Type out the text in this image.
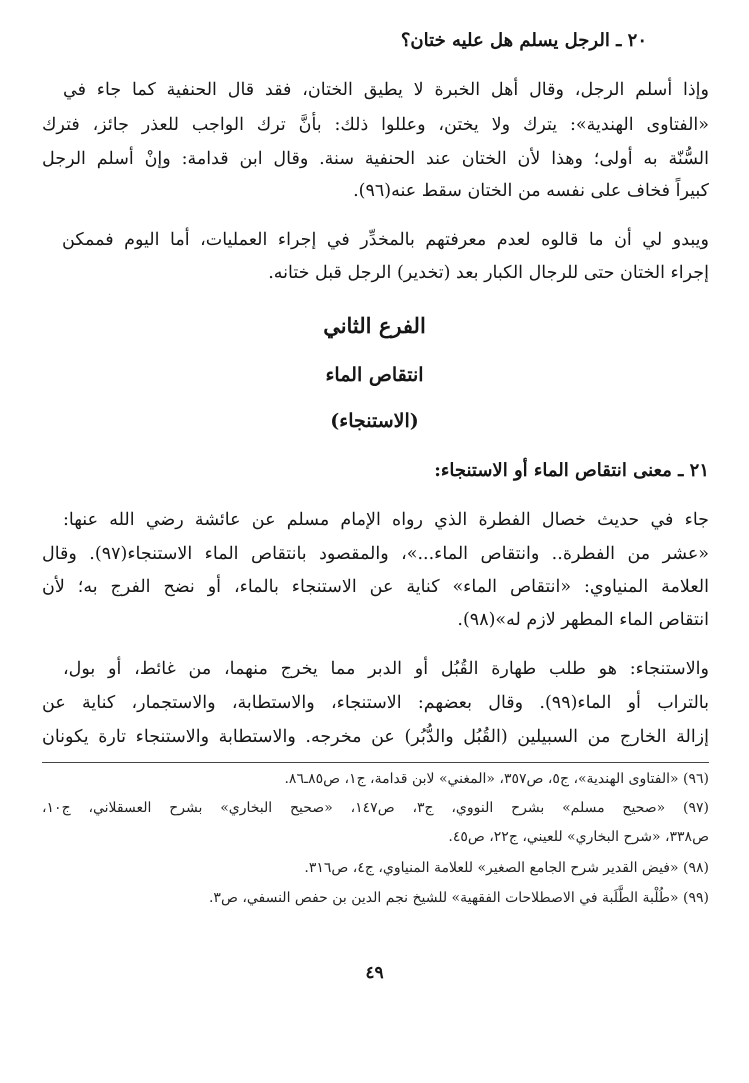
٢٠ ـ الرجل يسلم هل عليه ختان؟
وإذا أسلم الرجل، وقال أهل الخبرة لا يطيق الختان، فقد قال الحنفية كما جاء في
«الفتاوى الهندية»: يترك ولا يختن، وعللوا ذلك: بأنَّ ترك الواجب للعذر جائز، فترك
السُّنّة به أولى؛ وهذا لأن الختان عند الحنفية سنة. وقال ابن قدامة: وإنْ أسلم الرجل
كبيراً فخاف على نفسه من الختان سقط عنه(٩٦).
ويبدو لي أن ما قالوه لعدم معرفتهم بالمخدِّر في إجراء العمليات، أما اليوم فممكن
إجراء الختان حتى للرجال الكبار بعد (تخدير) الرجل قبل ختانه.
الفرع الثاني
انتقاص الماء
(الاستنجاء)
٢١ ـ معنى انتقاص الماء أو الاستنجاء:
جاء في حديث خصال الفطرة الذي رواه الإمام مسلم عن عائشة رضي الله عنها:
«عشر من الفطرة.. وانتقاص الماء...»، والمقصود بانتقاص الماء الاستنجاء(٩٧). وقال
العلامة المنياوي: «انتقاص الماء» كناية عن الاستنجاء بالماء، أو نضح الفرج به؛ لأن
انتقاص الماء المطهر لازم له»(٩٨).
والاستنجاء: هو طلب طهارة القُبُل أو الدبر مما يخرج منهما، من غائط، أو بول،
بالتراب أو الماء(٩٩). وقال بعضهم: الاستنجاء، والاستطابة، والاستجمار، كناية عن
إزالة الخارج من السبيلين (القُبُل والدُّبُر) عن مخرجه. والاستطابة والاستنجاء تارة يكونان
(٩٦) «الفتاوى الهندية»، ج٥، ص٣٥٧، «المغني» لابن قدامة، ج١، ص٨٥ـ٨٦.
(٩٧) «صحيح مسلم» بشرح النووي، ج٣، ص١٤٧، «صحيح البخاري» بشرح العسقلاني، ج١٠،
ص٣٣٨، «شرح البخاري» للعيني، ج٢٢، ص٤٥.
(٩٨) «فيض القدير شرح الجامع الصغير» للعلامة المنياوي، ج٤، ص٣١٦.
(٩٩) «طُلْبة الطَّلَبة في الاصطلاحات الفقهية» للشيخ نجم الدين بن حفص النسفي، ص٣.
٤٩
